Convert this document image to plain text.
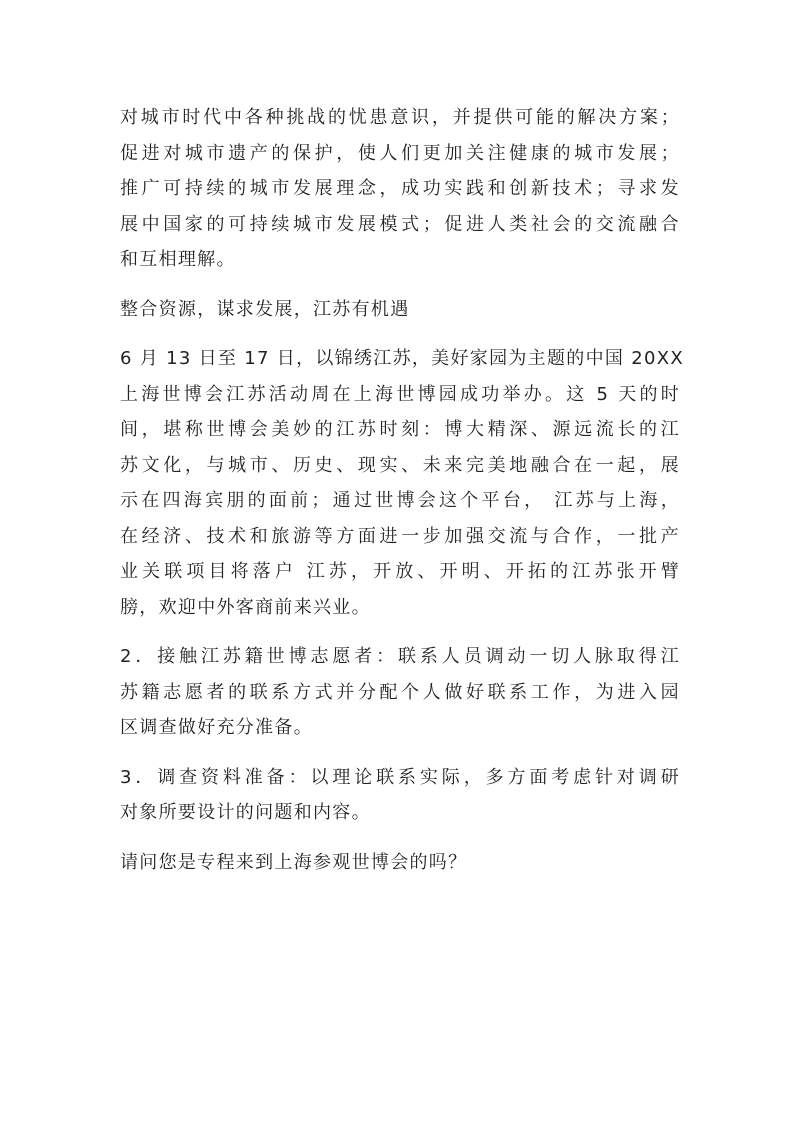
对城市时代中各种挑战的忧患意识，并提供可能的解决方案；
促进对城市遗产的保护，使人们更加关注健康的城市发展；
推广可持续的城市发展理念，成功实践和创新技术；寻求发
展中国家的可持续城市发展模式；促进人类社会的交流融合
和互相理解。

整合资源，谋求发展，江苏有机遇

6 月 13 日至 17 日，以锦绣江苏，美好家园为主题的中国 20XX
上海世博会江苏活动周在上海世博园成功举办。这 5 天的时
间，堪称世博会美妙的江苏时刻：博大精深、源远流长的江
苏文化，与城市、历史、现实、未来完美地融合在一起，展
示在四海宾朋的面前；通过世博会这个平台， 江苏与上海，
在经济、技术和旅游等方面进一步加强交流与合作，一批产
业关联项目将落户 江苏，开放、开明、开拓的江苏张开臂
膀，欢迎中外客商前来兴业。

2．接触江苏籍世博志愿者：联系人员调动一切人脉取得江
苏籍志愿者的联系方式并分配个人做好联系工作，为进入园
区调查做好充分准备。

3．调查资料准备：以理论联系实际，多方面考虑针对调研
对象所要设计的问题和内容。

请问您是专程来到上海参观世博会的吗？
